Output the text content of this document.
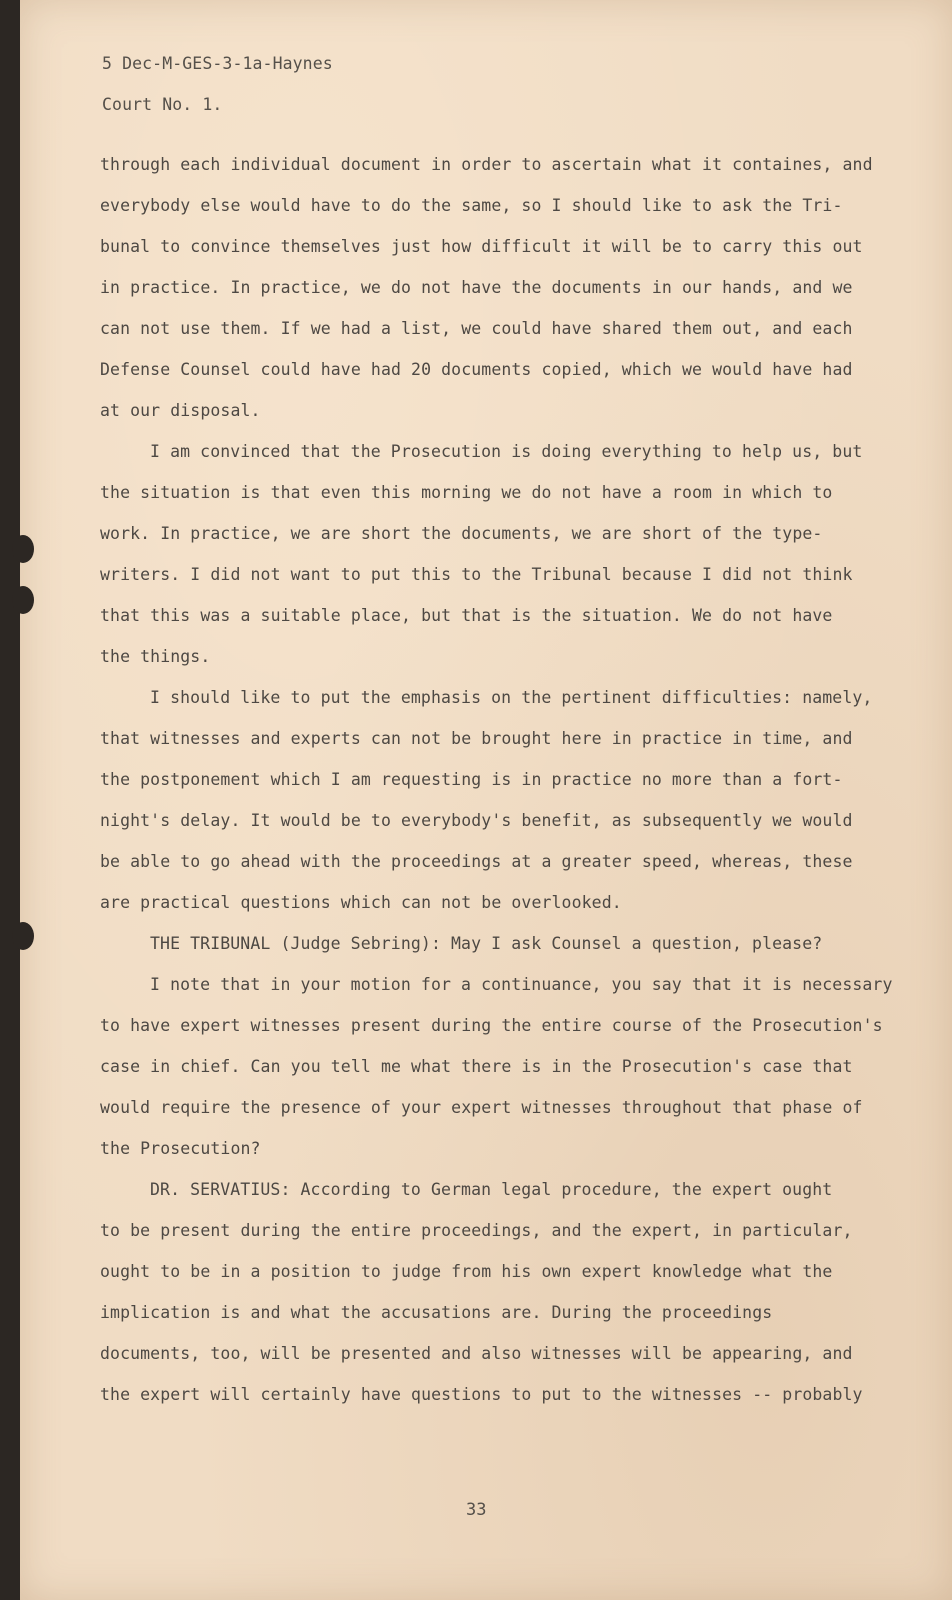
5 Dec-M-GES-3-1a-Haynes
Court No. 1.
through each individual document in order to ascertain what it containes, and
everybody else would have to do the same, so I should like to ask the Tri-
bunal to convince themselves just how difficult it will be to carry this out
in practice. In practice, we do not have the documents in our hands, and we
can not use them. If we had a list, we could have shared them out, and each
Defense Counsel could have had 20 documents copied, which we would have had
at our disposal.
I am convinced that the Prosecution is doing everything to help us, but
the situation is that even this morning we do not have a room in which to
work. In practice, we are short the documents, we are short of the type-
writers. I did not want to put this to the Tribunal because I did not think
that this was a suitable place, but that is the situation. We do not have
the things.
I should like to put the emphasis on the pertinent difficulties: namely,
that witnesses and experts can not be brought here in practice in time, and
the postponement which I am requesting is in practice no more than a fort-
night's delay. It would be to everybody's benefit, as subsequently we would
be able to go ahead with the proceedings at a greater speed, whereas, these
are practical questions which can not be overlooked.
THE TRIBUNAL (Judge Sebring): May I ask Counsel a question, please?
I note that in your motion for a continuance, you say that it is necessary
to have expert witnesses present during the entire course of the Prosecution's
case in chief. Can you tell me what there is in the Prosecution's case that
would require the presence of your expert witnesses throughout that phase of
the Prosecution?
DR. SERVATIUS: According to German legal procedure, the expert ought
to be present during the entire proceedings, and the expert, in particular,
ought to be in a position to judge from his own expert knowledge what the
implication is and what the accusations are. During the proceedings
documents, too, will be presented and also witnesses will be appearing, and
the expert will certainly have questions to put to the witnesses -- probably
33
